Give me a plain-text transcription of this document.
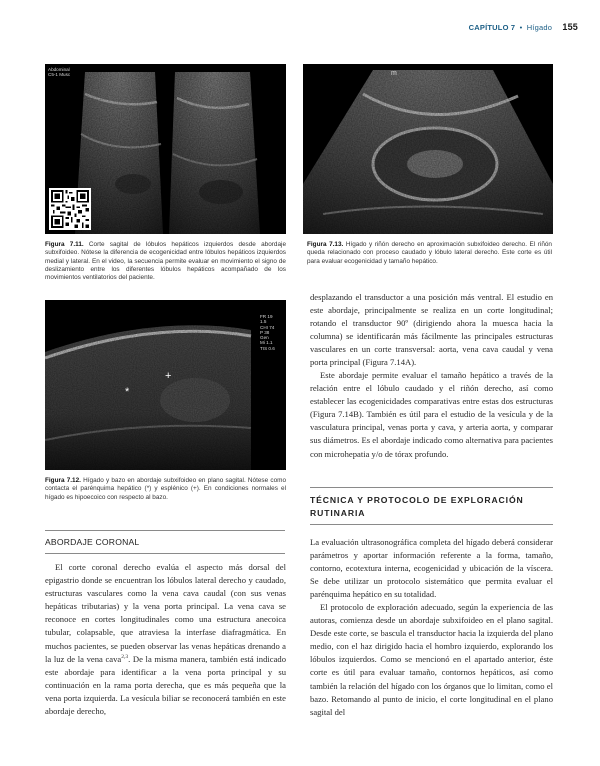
CAPÍTULO 7 • Hígado 155
Abdominal
C5-1 Musc
Figura 7.11. Corte sagital de lóbulos hepáticos izquierdos desde abordaje subxifoideo. Nótese la diferencia de ecogenicidad entre lóbulos hepáticos izquierdos medial y lateral. En el video, la secuencia permite evaluar en movimiento el signo de deslizamiento entre los diferentes lóbulos hepáticos acompañado de los movimientos ventilatorios del paciente.
m
Figura 7.13. Hígado y riñón derecho en aproximación subxifoideo derecho. El riñón queda relacionado con proceso caudado y lóbulo lateral derecho. Este corte es útil para evaluar ecogenicidad y tamaño hepático.
FR 19
1.5
CHI 74
P 38
Gen
Mi 1.1
TIS 0.6
+
*
Figura 7.12. Hígado y bazo en abordaje subxifoideo en plano sagital. Nótese como contacta el parénquima hepático (*) y esplénico (+). En condiciones normales el hígado es hipoecoico con respecto al bazo.
ABORDAJE CORONAL

El corte coronal derecho evalúa el aspecto más dorsal del epigastrio donde se encuentran los lóbulos lateral derecho y caudado, estructuras vasculares como la vena cava caudal (con sus venas hepáticas tributarias) y la vena porta principal. La vena cava se reconoce en cortes longitudinales como una estructura anecoica tubular, colapsable, que atraviesa la interfase diafragmática. En muchos pacientes, se pueden observar las venas hepáticas drenando a la luz de la vena cava$^{2,3}$. De la misma manera, también está indicado este abordaje para identificar a la vena porta principal y su continuación en la rama porta derecha, que es más pequeña que la vena porta izquierda. La vesícula biliar se reconocerá también en este abordaje derecho,

desplazando el transductor a una posición más ventral. El estudio en este abordaje, principalmente se realiza en un corte longitudinal; rotando el transductor 90º (dirigiendo ahora la muesca hacia la columna) se identificarán más fácilmente las principales estructuras vasculares en un corte transversal: aorta, vena cava caudal y vena porta principal (Figura 7.14A).

Este abordaje permite evaluar el tamaño hepático a través de la relación entre el lóbulo caudado y el riñón derecho, así como establecer las ecogenicidades comparativas entre estas dos estructuras (Figura 7.14B). También es útil para el estudio de la vesícula y de la vasculatura principal, venas porta y cava, y arteria aorta, y comparar sus diámetros. Es el abordaje indicado como alternativa para pacientes con microhepatia y/o de tórax profundo.

TÉCNICA Y PROTOCOLO DE EXPLORACIÓN RUTINARIA

La evaluación ultrasonográfica completa del hígado deberá considerar parámetros y aportar información referente a la forma, tamaño, contorno, ecotextura interna, ecogenicidad y ubicación de la víscera. Se debe utilizar un protocolo sistemático que permita evaluar el parénquima hepático en su totalidad.

El protocolo de exploración adecuado, según la experiencia de las autoras, comienza desde un abordaje subxifoideo en el plano sagital. Desde este corte, se bascula el transductor hacia la izquierda del plano medio, con el haz dirigido hacia el hombro izquierdo, explorando los lóbulos izquierdos. Como se mencionó en el apartado anterior, éste corte es útil para evaluar tamaño, contornos hepáticos, así como también la relación del hígado con los órganos que lo limitan, como el bazo. Retomando al punto de inicio, el corte longitudinal en el plano sagital del
